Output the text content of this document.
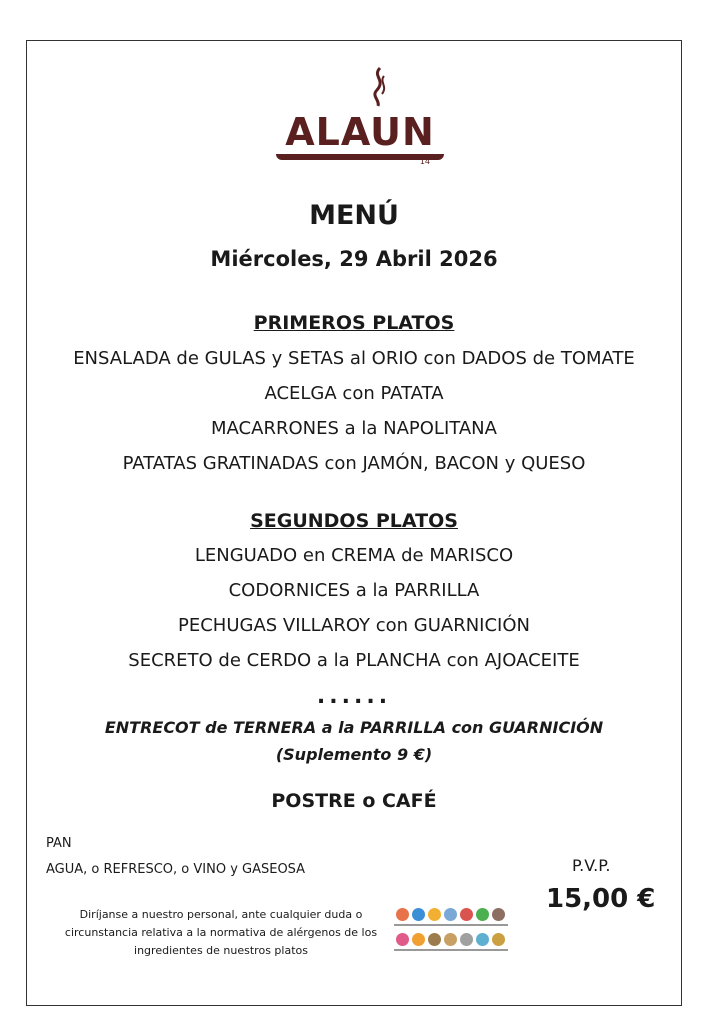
ALAUN
14
MENÚ
Miércoles, 29 Abril 2026
PRIMEROS PLATOS
ENSALADA de GULAS y SETAS al ORIO con DADOS de TOMATE
ACELGA con PATATA
MACARRONES a la NAPOLITANA
PATATAS GRATINADAS con JAMÓN, BACON y QUESO
SEGUNDOS PLATOS
LENGUADO en CREMA de MARISCO
CODORNICES a la PARRILLA
PECHUGAS VILLAROY con GUARNICIÓN
SECRETO de CERDO a la PLANCHA con AJOACEITE
......
ENTRECOT de TERNERA a la PARRILLA con GUARNICIÓN
(Suplemento 9 €)
POSTRE o CAFÉ
PAN
AGUA, o REFRESCO, o VINO y GASEOSA	P.V.P.
15,00 €
Diríjanse a nuestro personal, ante cualquier duda o circunstancia relativa a la normativa de alérgenos de los ingredientes de nuestros platos
